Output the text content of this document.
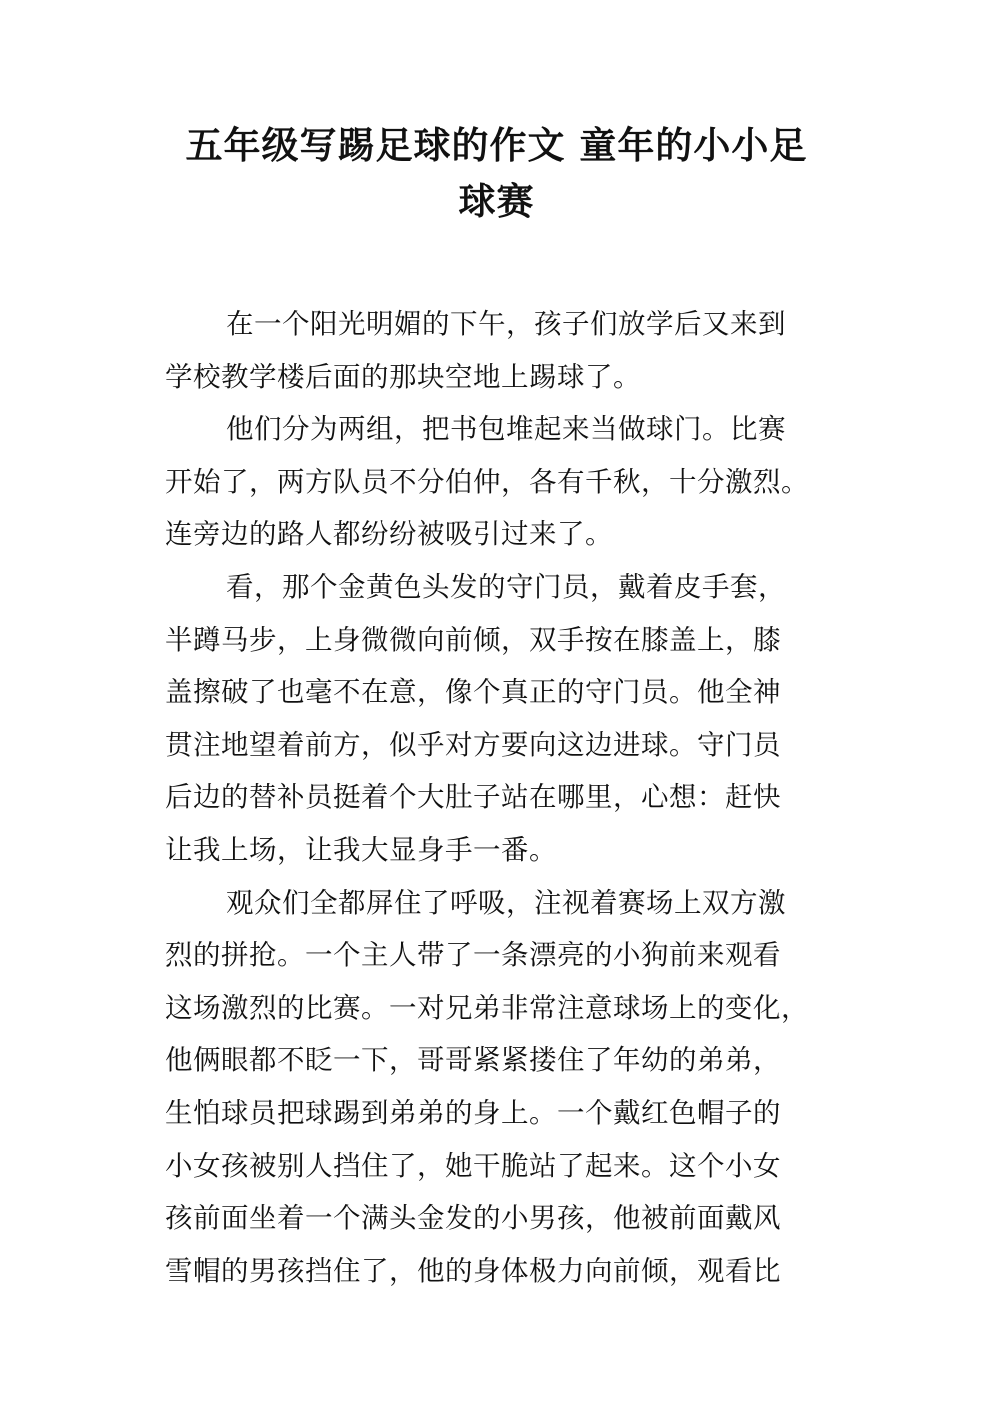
五年级写踢足球的作文 童年的小小足
球赛
在一个阳光明媚的下午，孩子们放学后又来到
学校教学楼后面的那块空地上踢球了。
他们分为两组，把书包堆起来当做球门。比赛
开始了，两方队员不分伯仲，各有千秋，十分激烈。
连旁边的路人都纷纷被吸引过来了。
看，那个金黄色头发的守门员，戴着皮手套，
半蹲马步，上身微微向前倾，双手按在膝盖上，膝
盖擦破了也毫不在意，像个真正的守门员。他全神
贯注地望着前方，似乎对方要向这边进球。守门员
后边的替补员挺着个大肚子站在哪里，心想：赶快
让我上场，让我大显身手一番。
观众们全都屏住了呼吸，注视着赛场上双方激
烈的拼抢。一个主人带了一条漂亮的小狗前来观看
这场激烈的比赛。一对兄弟非常注意球场上的变化，
他俩眼都不眨一下，哥哥紧紧搂住了年幼的弟弟，
生怕球员把球踢到弟弟的身上。一个戴红色帽子的
小女孩被别人挡住了，她干脆站了起来。这个小女
孩前面坐着一个满头金发的小男孩，他被前面戴风
雪帽的男孩挡住了，他的身体极力向前倾，观看比
